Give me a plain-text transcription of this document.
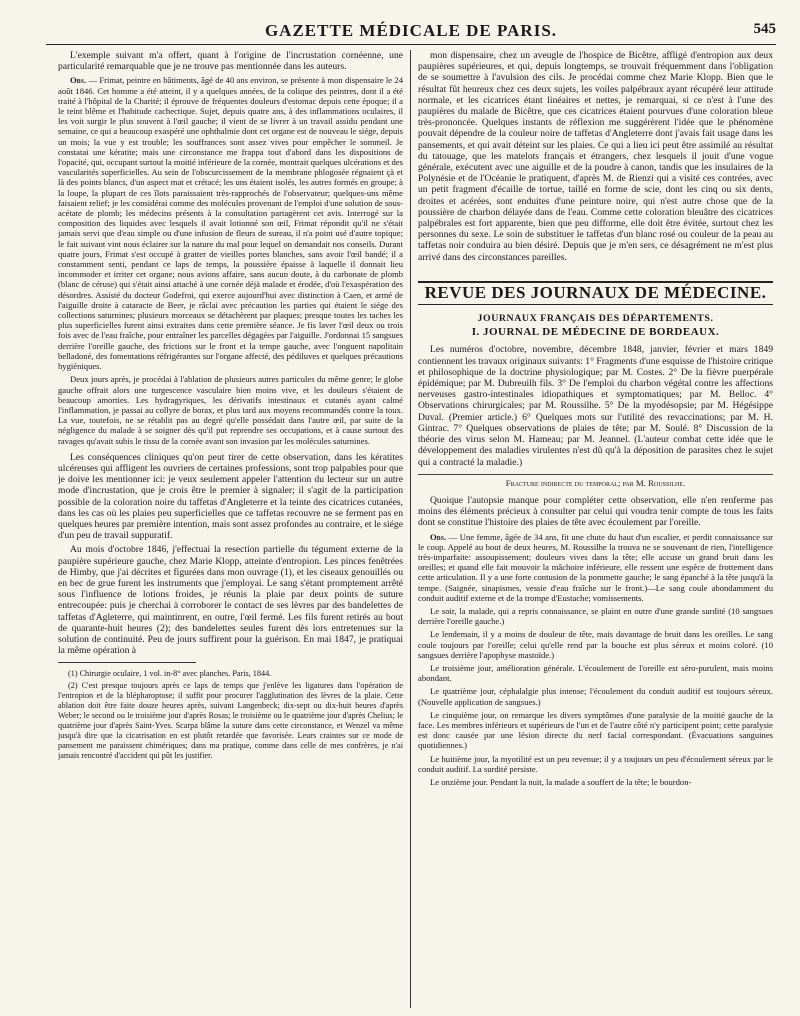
GAZETTE MÉDICALE DE PARIS.	545

L'exemple suivant m'a offert, quant à l'origine de l'incrustation cornéenne, une particularité remarquable que je ne trouve pas mentionnée dans les auteurs.

Obs. — Frimat, peintre en bâtiments, âgé de 40 ans environ, se présente à mon dispensaire le 24 août 1846. Cet homme a été atteint, il y a quelques années, de la colique des peintres, dont il a été traité à l'hôpital de la Charité; il éprouve de fréquentes douleurs d'estomac depuis cette époque; il a le teint blême et l'habitude cachectique. Sujet, depuis quatre ans, à des inflammations oculaires, il les voit surgir le plus souvent à l'œil gauche; il vient de se livrer à un travail assidu pendant une semaine, ce qui a beaucoup exaspéré une ophthalmie dont cet organe est de nouveau le siége, depuis un mois; la vue y est trouble; les souffrances sont assez vives pour empêcher le sommeil. Je constatai une kératite; mais une circonstance me frappa tout d'abord dans les dispositions de l'opacité, qui, occupant surtout la moitié inférieure de la cornée, montrait quelques ulcérations et des vascularités superficielles. Au sein de l'obscurcissement de la membrane phlogosée régnaient çà et là des points blancs, d'un aspect mat et crétacé; les uns étaient isolés, les autres formés en groupe; à la loupe, la plupart de ces îlots paraissaient très-rapprochés de l'observateur; quelques-uns même faisaient relief; je les considérai comme des molécules provenant de l'emploi d'une solution de sous-acétate de plomb; les médecins présents à la consultation partagèrent cet avis. Interrogé sur la composition des liquides avec lesquels il avait lotionné son œil, Frimat répondit qu'il ne s'était jamais servi que d'eau simple ou d'une infusion de fleurs de sureau, il n'a point usé d'autre topique; le fait suivant vint nous éclairer sur la nature du mal pour lequel on demandait nos conseils. Durant quatre jours, Frimat s'est occupé à gratter de vieilles portes blanches, sans avoir l'œil bandé; il a constamment senti, pendant ce laps de temps, la poussière épaisse à laquelle il donnait lieu incommoder et irriter cet organe; nous avions affaire, sans aucun doute, à du carbonate de plomb (blanc de céruse) qui s'était ainsi attaché à une cornée déjà malade et érodée, d'où l'exaspération des désordres. Assisté du docteur Godefroi, qui exerce aujourd'hui avec distinction à Caen, et armé de l'aiguille droite à cataracte de Beer, je râclai avec précaution les parties qui étaient le siége des collections saturnines; plusieurs morceaux se détachèrent par plaques; presque toutes les taches les plus superficielles furent ainsi extraites dans cette première séance. Je fis laver l'œil deux ou trois fois avec de l'eau fraîche, pour entraîner les parcelles dégagées par l'aiguille. J'ordonnai 15 sangsues derrière l'oreille gauche, des frictions sur le front et la tempe gauche, avec l'onguent napolitain belladoné, des fomentations réfrigérantes sur l'organe affecté, des pédiluves et quelques précautions hygiéniques.

Deux jours après, je procédai à l'ablation de plusieurs autres particules du même genre; le globe gauche offrait alors une turgescence vasculaire bien moins vive, et les douleurs s'étaient de beaucoup amorties. Les hydragyriques, les dérivatifs intestinaux et cutanés ayant calmé l'inflammation, je passai au collyre de borax, et plus tard aux moyens recommandés contre la toux. La vue, toutefois, ne se rétablit pas au degré qu'elle possédait dans l'autre œil, par suite de la négligence du malade à se soigner dès qu'il put reprendre ses occupations, et à cause surtout des ravages qu'avait subis le tissu de la cornée avant son invasion par les molécules saturnines.

Les conséquences cliniques qu'on peut tirer de cette observation, dans les kératites ulcéreuses qui affligent les ouvriers de certaines professions, sont trop palpables pour que je doive les mentionner ici: je veux seulement appeler l'attention du lecteur sur un autre mode d'incrustation, que je crois être le premier à signaler; il s'agit de la participation possible de la coloration noire du taffetas d'Angleterre et la teinte des cicatrices cutanées, dans les cas où les plaies peu superficielles que ce taffetas recouvre ne se ferment pas en quelques heures par première intention, mais sont assez profondes au contraire, et le siége d'un peu de travail suppuratif.

Au mois d'octobre 1846, j'effectuai la resection partielle du tégument externe de la paupière supérieure gauche, chez Marie Klopp, atteinte d'entropion. Les pinces fenêtrées de Himby, que j'ai décrites et figurées dans mon ouvrage (1), et les ciseaux genouillés ou en bec de grue furent les instruments que j'employai. Le sang s'étant promptement arrêté sous l'influence de lotions froides, je réunis la plaie par deux points de suture entrecoupée: puis je cherchai à corroborer le contact de ses lèvres par des bandelettes de taffetas d'Agleterre, qui maintinrent, en outre, l'œil fermé. Les fils furent retirés au bout de quarante-huit heures (2); des bandelettes seules furent dès lors entretenues sur la solution de continuité. Peu de jours suffirent pour la guérison. En mai 1847, je pratiquai la même opération à

(1) Chirurgie oculaire, 1 vol. in-8° avec planches. Paris, 1844.

(2) C'est presque toujours après ce laps de temps que j'enlève les ligatures dans l'opération de l'entropion et de la blépharoptose; il suffit pour procurer l'agglutination des lèvres de la plaie. Cette ablation doit être faite douze heures après, suivant Langenbeck; dix-sept ou dix-huit heures d'après Weber; le second ou le troisième jour d'après Rosas; le troisième ou le quatrième jour d'après Chelius; le quatrième jour d'après Saint-Yves. Scarpa blâme la suture dans cette circonstance, et Wenzel va même jusqu'à dire que la cicatrisation en est plutôt retardée que favorisée. Leurs craintes sur ce mode de pansement me paraissent chimériques; dans ma pratique, comme dans celle de mes confrères, je n'ai jamais rencontré d'accident qui pût les justifier.

mon dispensaire, chez un aveugle de l'hospice de Bicêtre, affligé d'entropion aux deux paupières supérieures, et qui, depuis longtemps, se trouvait fréquemment dans l'obligation de se soumettre à l'avulsion des cils. Je procédai comme chez Marie Klopp. Bien que le résultat fût heureux chez ces deux sujets, les voiles palpébraux ayant récupéré leur attitude normale, et les cicatrices étant linéaires et nettes, je remarquai, si ce n'est à l'une des paupières du malade de Bicêtre, que ces cicatrices étaient pourvues d'une coloration bleue très-prononcée. Quelques instants de réflexion me suggérèrent l'idée que le phénomène pouvait dépendre de la couleur noire de taffetas d'Angleterre dont j'avais fait usage dans les pansements, et qui avait déteint sur les plaies. Ce qui a lieu ici peut être assimilé au résultat du tatouage, que les matelots français et étrangers, chez lesquels il jouit d'une vogue générale, exécutent avec une aiguille et de la poudre à canon, tandis que les insulaires de la Polynésie et de l'Océanie le pratiquent, d'après M. de Rienzi qui a visité ces contrées, avec un petit fragment d'écaille de tortue, taillé en forme de scie, dont les cinq ou six dents, droites et acérées, sont enduites d'une peinture noire, qui n'est autre chose que de la poussière de charbon délayée dans de l'eau. Comme cette coloration bleuâtre des cicatrices palpébrales est fort apparente, bien que peu difforme, elle doit être évitée, surtout chez les personnes du sexe. Le soin de substituer le taffetas d'un blanc rosé ou couleur de la peau au taffetas noir conduira au bien désiré. Depuis que je m'en sers, ce désagrément ne m'est plus arrivé dans des circonstances pareilles.

REVUE DES JOURNAUX DE MÉDECINE.

JOURNAUX FRANÇAIS DES DÉPARTEMENTS.

I. JOURNAL DE MÉDECINE DE BORDEAUX.

Les numéros d'octobre, novembre, décembre 1848, janvier, février et mars 1849 contiennent les travaux originaux suivants: 1° Fragments d'une esquisse de l'histoire critique et philosophique de la doctrine physiologique; par M. Costes. 2° De la fièvre puerpérale épidémique; par M. Dubreuilh fils. 3° De l'emploi du charbon végétal contre les affections nerveuses gastro-intestinales idiopathiques et symptomatiques; par M. Belloc. 4° Observations chirurgicales; par M. Roussilhe. 5° De la myodésopsie; par M. Hégésippe Duval. (Premier article.) 6° Quelques mots sur l'utilité des revaccinations; par M. H. Gintrac. 7° Quelques observations de plaies de tête; par M. Soulé. 8° Discussion de la théorie des virus selon M. Hameau; par M. Jeannel. (L'auteur combat cette idée que le développement des maladies virulentes n'est dû qu'à la déposition de parasites chez le sujet qui a contracté la maladie.)

Fracture indirecte du temporal; par M. Roussilhe.

Quoique l'autopsie manque pour compléter cette observation, elle n'en renferme pas moins des éléments précieux à consulter par celui qui voudra tenir compte de tous les faits dont se constitue l'histoire des plaies de tête avec écoulement par l'oreille.

Obs. — Une femme, âgée de 34 ans, fit une chute du haut d'un escalier, et perdit connaissance sur le coup. Appelé au bout de deux heures, M. Roussilhe la trouva ne se souvenant de rien, l'intelligence très-imparfaite: assoupissement; douleurs vives dans la tête; elle accuse un grand bruit dans les oreilles; et quand elle fait mouvoir la mâchoire inférieure, elle ressent une espèce de frottement dans cette articulation. Il y a une forte contusion de la pommette gauche; le sang épanché à la tête jusqu'à la tempe. (Saignée, sinapismes, vessie d'eau fraîche sur le front.)—Le sang coule abondamment du conduit auditif externe et de la trompe d'Eustache; vomissements.

Le soir, la malade, qui a repris connaissance, se plaint en outre d'une grande surdité (10 sangsues derrière l'oreille gauche.)

Le lendemain, il y a moins de douleur de tête, mais davantage de bruit dans les oreilles. Le sang coule toujours par l'oreille; celui qu'elle rend par la bouche est plus séreux et moins coloré. (10 sangsues derrière l'apophyse mastoïde.)

Le troisième jour, amélioration générale. L'écoulement de l'oreille est séro-purulent, mais moins abondant.

Le quatrième jour, céphalalgie plus intense; l'écoulement du conduit auditif est toujours séreux. (Nouvelle application de sangsues.)

Le cinquième jour, on remarque les divers symptômes d'une paralysie de la moitié gauche de la face. Les membres inférieurs et supérieurs de l'un et de l'autre côté n'y participent point; cette paralysie est donc causée par une lésion directe du nerf facial correspondant. (Évacuations sanguines quotidiennes.)

Le huitième jour, la myotilité est un peu revenue; il y a toujours un peu d'écoulement séreux par le conduit auditif. La surdité persiste.

Le onzième jour. Pendant la nuit, la malade a souffert de la tête; le bourdon-
